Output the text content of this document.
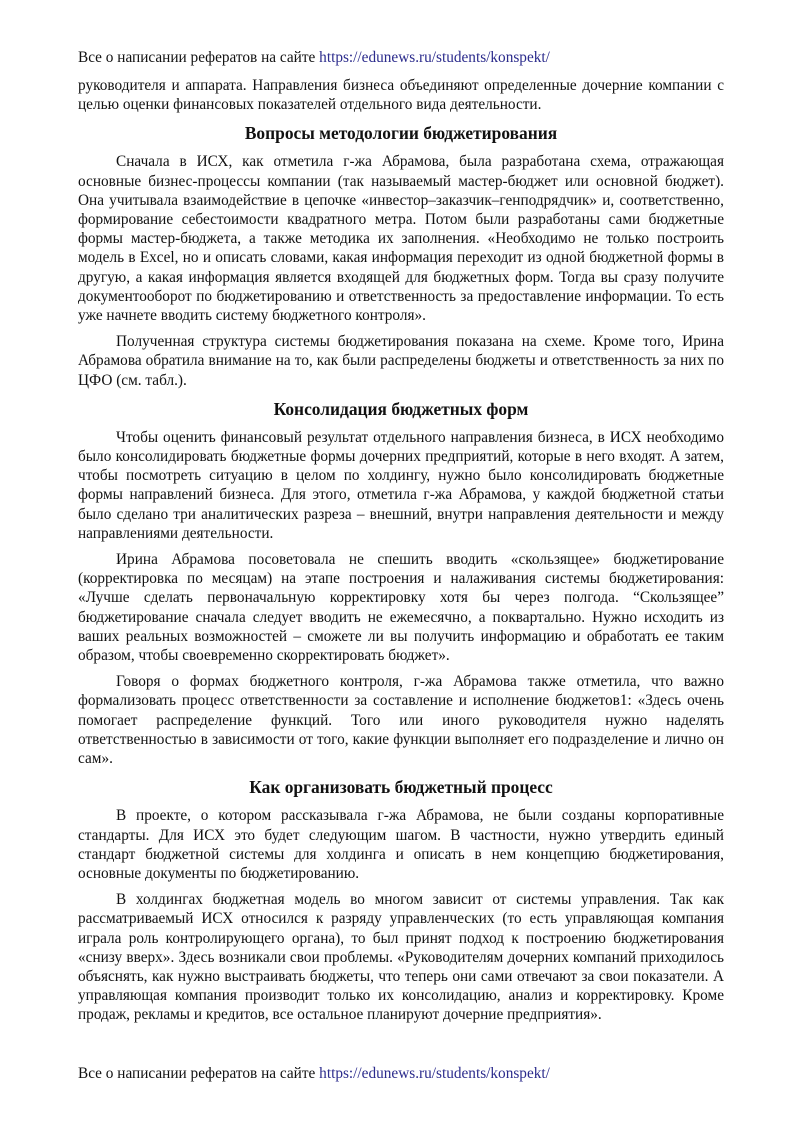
Все о написании рефератов на сайте https://edunews.ru/students/konspekt/

руководителя и аппарата. Направления бизнеса объединяют определенные дочерние компании с целью оценки финансовых показателей отдельного вида деятельности.

Вопросы методологии бюджетирования

Сначала в ИСХ, как отметила г-жа Абрамова, была разработана схема, отражающая основные бизнес-процессы компании (так называемый мастер-бюджет или основной бюджет). Она учитывала взаимодействие в цепочке «инвестор–заказчик–генподрядчик» и, соответственно, формирование себестоимости квадратного метра. Потом были разработаны сами бюджетные формы мастер-бюджета, а также методика их заполнения. «Необходимо не только построить модель в Excel, но и описать словами, какая информация переходит из одной бюджетной формы в другую, а какая информация является входящей для бюджетных форм. Тогда вы сразу получите документооборот по бюджетированию и ответственность за предоставление информации. То есть уже начнете вводить систему бюджетного контроля».

Полученная структура системы бюджетирования показана на схеме. Кроме того, Ирина Абрамова обратила внимание на то, как были распределены бюджеты и ответственность за них по ЦФО (см. табл.).

Консолидация бюджетных форм

Чтобы оценить финансовый результат отдельного направления бизнеса, в ИСХ необходимо было консолидировать бюджетные формы дочерних предприятий, которые в него входят. А затем, чтобы посмотреть ситуацию в целом по холдингу, нужно было консолидировать бюджетные формы направлений бизнеса. Для этого, отметила г-жа Абрамова, у каждой бюджетной статьи было сделано три аналитических разреза – внешний, внутри направления деятельности и между направлениями деятельности.

Ирина Абрамова посоветовала не спешить вводить «скользящее» бюджетирование (корректировка по месяцам) на этапе построения и налаживания системы бюджетирования: «Лучше сделать первоначальную корректировку хотя бы через полгода. “Скользящее” бюджетирование сначала следует вводить не ежемесячно, а поквартально. Нужно исходить из ваших реальных возможностей – сможете ли вы получить информацию и обработать ее таким образом, чтобы своевременно скорректировать бюджет».

Говоря о формах бюджетного контроля, г-жа Абрамова также отметила, что важно формализовать процесс ответственности за составление и исполнение бюджетов1: «Здесь очень помогает распределение функций. Того или иного руководителя нужно наделять ответственностью в зависимости от того, какие функции выполняет его подразделение и лично он сам».

Как организовать бюджетный процесс

В проекте, о котором рассказывала г-жа Абрамова, не были созданы корпоративные стандарты. Для ИСХ это будет следующим шагом. В частности, нужно утвердить единый стандарт бюджетной системы для холдинга и описать в нем концепцию бюджетирования, основные документы по бюджетированию.

В холдингах бюджетная модель во многом зависит от системы управления. Так как рассматриваемый ИСХ относился к разряду управленческих (то есть управляющая компания играла роль контролирующего органа), то был принят подход к построению бюджетирования «снизу вверх». Здесь возникали свои проблемы. «Руководителям дочерних компаний приходилось объяснять, как нужно выстраивать бюджеты, что теперь они сами отвечают за свои показатели. А управляющая компания производит только их консолидацию, анализ и корректировку. Кроме продаж, рекламы и кредитов, все остальное планируют дочерние предприятия».

Все о написании рефератов на сайте https://edunews.ru/students/konspekt/
